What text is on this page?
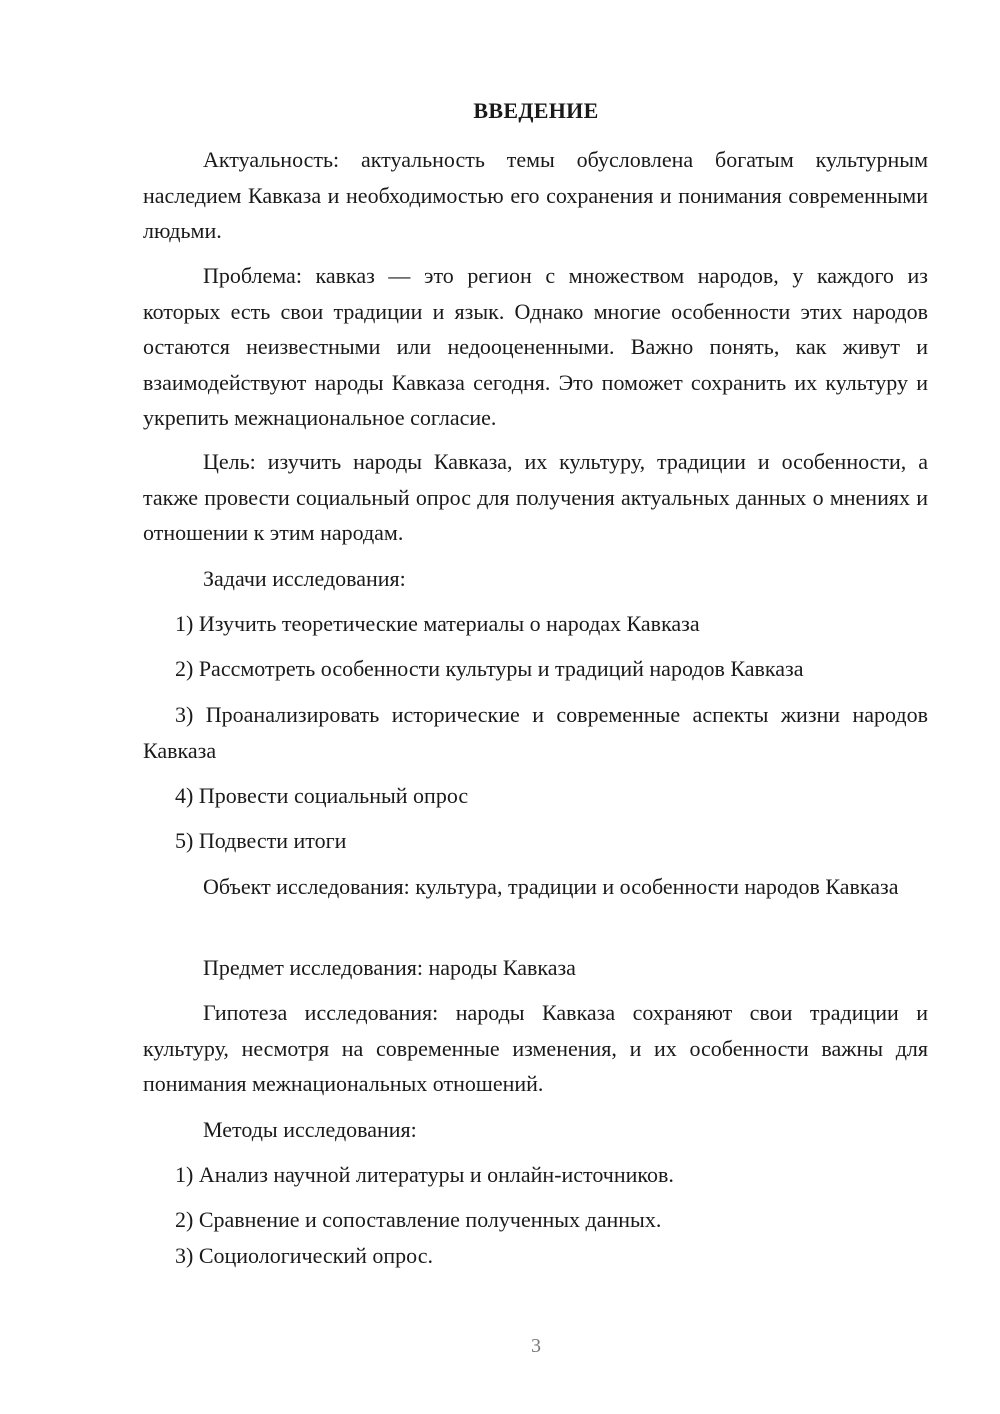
ВВЕДЕНИЕ

Актуальность: актуальность темы обусловлена богатым культурным наследием Кавказа и необходимостью его сохранения и понимания современными людьми.

Проблема: кавказ — это регион с множеством народов, у каждого из которых есть свои традиции и язык. Однако многие особенности этих народов остаются неизвестными или недооцененными. Важно понять, как живут и взаимодействуют народы Кавказа сегодня. Это поможет сохранить их культуру и укрепить межнациональное согласие.

Цель: изучить народы Кавказа, их культуру, традиции и особенности, а также провести социальный опрос для получения актуальных данных о мнениях и отношении к этим народам.

Задачи исследования:

1) Изучить теоретические материалы о народах Кавказа

2) Рассмотреть особенности культуры и традиций народов Кавказа

3) Проанализировать исторические и современные аспекты жизни народов Кавказа

4) Провести социальный опрос

5) Подвести итоги

Объект исследования: культура, традиции и особенности народов Кавказа

Предмет исследования: народы Кавказа

Гипотеза исследования: народы Кавказа сохраняют свои традиции и культуру, несмотря на современные изменения, и их особенности важны для понимания межнациональных отношений.

Методы исследования:

1) Анализ научной литературы и онлайн-источников.

2) Сравнение и сопоставление полученных данных.

3) Социологический опрос.

3
